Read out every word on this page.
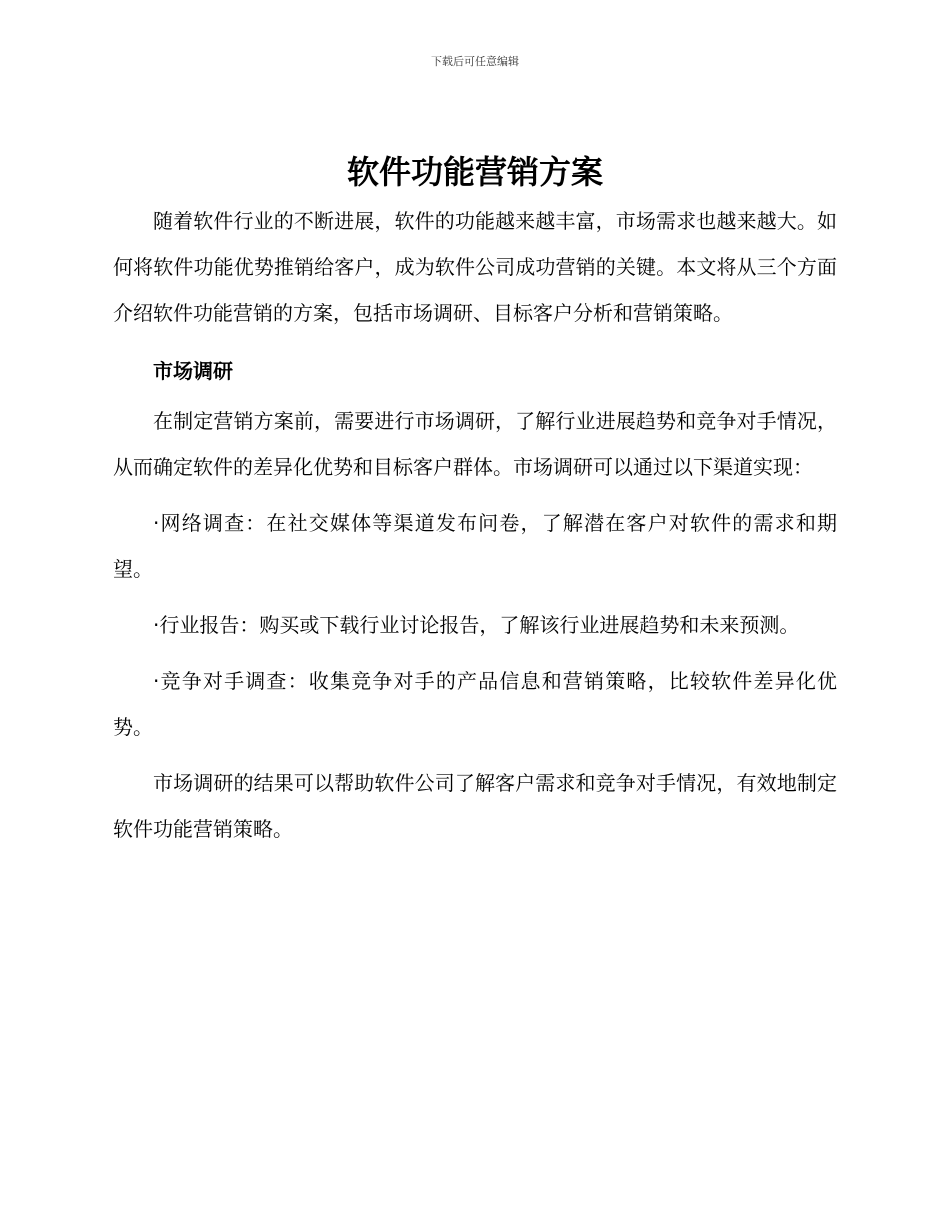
下载后可任意编辑
软件功能营销方案

随着软件行业的不断进展，软件的功能越来越丰富，市场需求也越来越大。如何将软件功能优势推销给客户，成为软件公司成功营销的关键。本文将从三个方面介绍软件功能营销的方案，包括市场调研、目标客户分析和营销策略。

市场调研

在制定营销方案前，需要进行市场调研，了解行业进展趋势和竞争对手情况，从而确定软件的差异化优势和目标客户群体。市场调研可以通过以下渠道实现：

·网络调查：在社交媒体等渠道发布问卷，了解潜在客户对软件的需求和期望。

·行业报告：购买或下载行业讨论报告，了解该行业进展趋势和未来预测。

·竞争对手调查：收集竞争对手的产品信息和营销策略，比较软件差异化优势。

市场调研的结果可以帮助软件公司了解客户需求和竞争对手情况，有效地制定软件功能营销策略。
